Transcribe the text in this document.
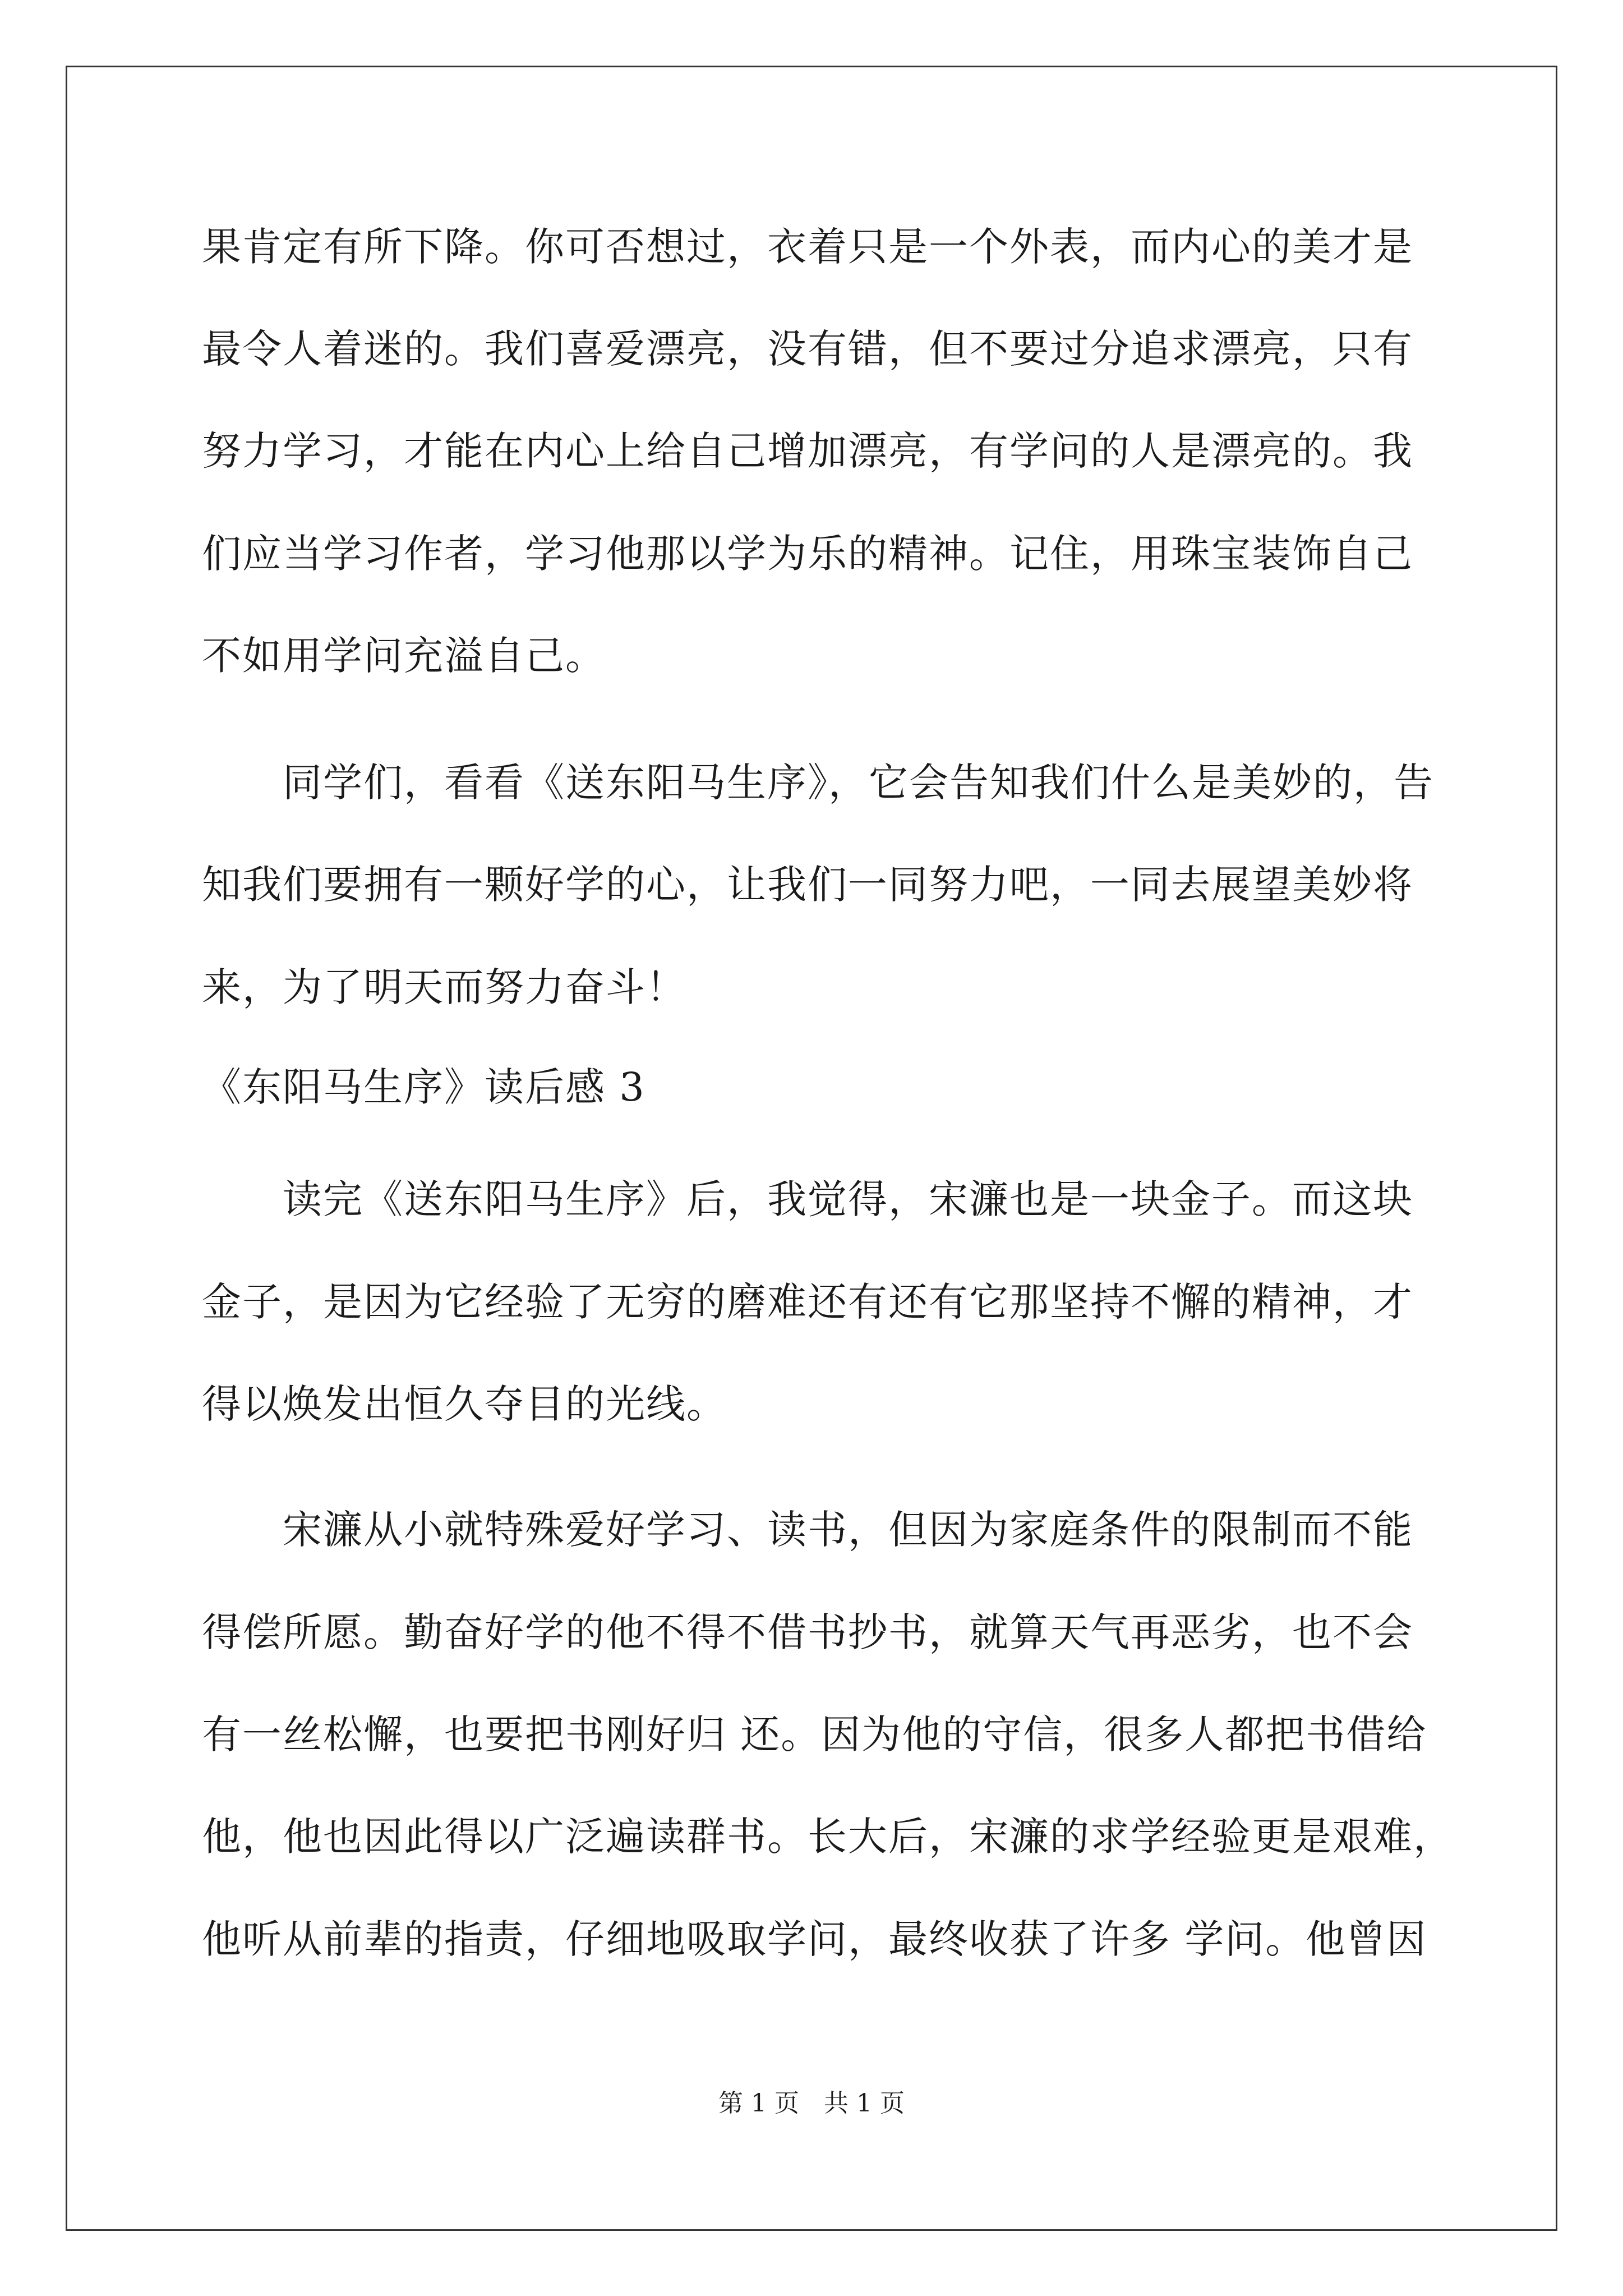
果肯定有所下降。你可否想过，衣着只是一个外表，而内心的美才是
最令人着迷的。我们喜爱漂亮，没有错，但不要过分追求漂亮，只有
努力学习，才能在内心上给自己增加漂亮，有学问的人是漂亮的。我
们应当学习作者，学习他那以学为乐的精神。记住，用珠宝装饰自己
不如用学问充溢自己。
　　同学们，看看《送东阳马生序》，它会告知我们什么是美妙的，告
知我们要拥有一颗好学的心，让我们一同努力吧，一同去展望美妙将
来，为了明天而努力奋斗！
《东阳马生序》读后感 3
　　读完《送东阳马生序》后，我觉得，宋濂也是一块金子。而这块
金子，是因为它经验了无穷的磨难还有还有它那坚持不懈的精神，才
得以焕发出恒久夺目的光线。
　　宋濂从小就特殊爱好学习、读书，但因为家庭条件的限制而不能
得偿所愿。勤奋好学的他不得不借书抄书，就算天气再恶劣，也不会
有一丝松懈，也要把书刚好归 还。因为他的守信，很多人都把书借给
他，他也因此得以广泛遍读群书。长大后，宋濂的求学经验更是艰难，
他听从前辈的指责，仔细地吸取学问，最终收获了许多 学问。他曾因
第 1 页　共 1 页
